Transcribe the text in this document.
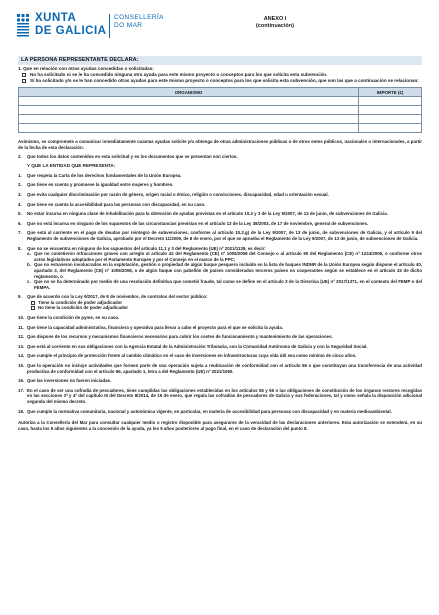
XUNTA
DE GALICIA
CONSELLERÍA
DO MAR
ANEXO I
(continuación)
LA PERSONA REPRESENTANTE DECLARA:
1. Que en relación con otras ayudas concedidas o solicitadas:
No ha solicitado ni se le ha concedido ninguna otra ayuda para este mismo proyecto o conceptos para los que solicita esta subvención.
Sí ha solicitado y/o se le han concedido otras ayudas para este mismo proyecto o conceptos para los que solicita esta subvención, que son las que a continuación se relacionan:
ORGANISMO	IMPORTE (€)

Asimismo, se compromete a comunicar inmediatamente cuantas ayudas solicite y/u obtenga de otras administraciones públicas o de otros entes públicos, nacionales o internacionales, a partir de la fecha de esta declaración.
2. Que todos los datos contenidos en esta solicitud y en los documentos que se presentan son ciertos.
Y QUE LA ENTIDAD QUE REPRESENTA:
1. Que respeta la Carta de los derechos fundamentales de la Unión Europea.
2. Que tiene en cuenta y promueve la igualdad entre mujeres y hombres.
3. Que evita cualquier discriminación por razón de género, origen racial o étnico, religión o convicciones, discapacidad, edad u orientación sexual.
4. Que tiene en cuenta la accesibilidad para las personas con discapacidad, en su caso.
5. No estar incursa en ninguna clase de inhabilitación para la obtención de ayudas previstas en el artículo 10.2 y 3 de la Ley 9/2007, de 13 de junio, de subvenciones de Galicia.
6. Que no está incursa en ninguno de los supuestos de las circunstancias previstas en el artículo 13 de la Ley 38/2003, de 17 de noviembre, general de subvenciones.
7. Que está al corriente en el pago de deudas por reintegro de subvenciones, conforme al artículo 10.2.g) de la Ley 9/2007, de 13 de junio, de subvenciones de Galicia, y el artículo 9 del Reglamento de subvenciones de Galicia, aprobado por el Decreto 11/2009, de 8 de enero, por el que se aprueba el Reglamento de la Ley 9/2007, de 13 de junio, de subvenciones de Galicia.
8. Que no se encuentra en ninguno de los supuestos del artículo 11.1 y 3 del Reglamento (UE) nº 2021/1139, es decir:
a. Que no cometieron infracciones graves con arreglo al artículo 42 del Reglamento (CE) nº 1005/2008 del Consejo o al artículo 90 del Reglamento (CE) nº 1224/2009, o conforme otros actos legislativos adoptados por el Parlamento Europeo y por el Consejo en el marco de la PPC;
b. Que no estuvieron involucrados en la explotación, gestión o propiedad de algún buque pesquero incluido en la lista de buques INDNR de la Unión Europea según dispone el artículo 40, apartado 3, del Reglamento (CE) nº 1005/2008, o de algún buque con pabellón de países considerados terceros países no cooperantes según se establece en el artículo 33 de dicho reglamento, o
c. Que no se ha determinado por medio de una resolución definitiva que cometió fraude, tal como se define en el artículo 3 de la Directiva (UE) nº 2017/1371, en el contexto del FEMP o del FEMPA.
9. Que de acuerdo con la Ley 9/2017, de 8 de noviembre, de contratos del sector público:
Tiene la condición de poder adjudicador
No tiene la condición de poder adjudicador
10. Que tiene la condición de pyme, en su caso.
11. Que tiene la capacidad administrativa, financiera y operativa para llevar a cabo el proyecto para el que se solicita la ayuda.
12. Que dispone de los recursos y mecanismos financieros necesarios para cubrir los costes de funcionamiento y mantenimiento de las operaciones.
13. Que está al corriente en sus obligaciones con la Agencia Estatal de la Administración Tributaria, con la Comunidad Autónoma de Galicia y con la Seguridad Social.
14. Que cumple el principio de protección frente al cambio climático en el caso de inversiones en infraestructuras cuya vida útil sea como mínimo de cinco años.
15. Que la operación no incluye actividades que formen parte de una operación sujeta a reubicación de conformidad con el artículo 65 o que constituyan una transferencia de una actividad productiva de conformidad con el artículo 66, apartado 1, letra a del Reglamento (UE) nº 2021/1060.
16. Que las inversiones no fueron iniciadas.
17. En el caso de ser una cofradía de pescadores, tiene cumplidas las obligaciones establecidas en los artículos 55 y 56 o las obligaciones de constitución de los órganos rectores recogidas en las secciones 3ª y 4ª del capítulo III del Decreto 8/2014, de 16 de enero, que regula las cofradías de pescadores de Galicia y sus federaciones, tal y como señala la disposición adicional segunda del mismo decreto.
18. Que cumple la normativa comunitaria, nacional y autonómica vigente, en particular, en materia de accesibilidad para personas con discapacidad y en materia medioambiental.
Autoriza a la Consellería del Mar para consultar cualquier medio o registro disponible para asegurarse de la veracidad de las declaraciones anteriores. Esta autorización se extenderá, en su caso, hasta los 5 años siguientes a la concesión de la ayuda, ya los 5 años posteriores al pago final, en el caso de declaración del punto 8.
